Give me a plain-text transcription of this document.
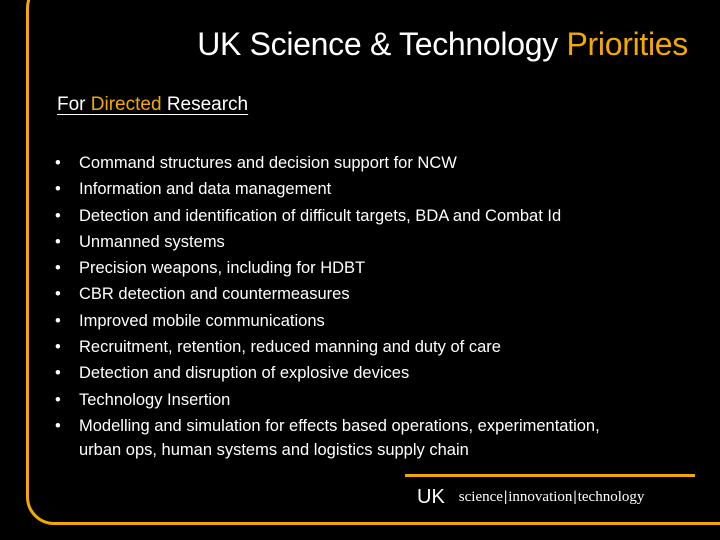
UK Science & Technology Priorities
For Directed Research
• Command structures and decision support for NCW
• Information and data management
• Detection and identification of difficult targets, BDA and Combat Id
• Unmanned systems
• Precision weapons, including for HDBT
• CBR detection and countermeasures
• Improved mobile communications
• Recruitment, retention, reduced manning and duty of care
• Detection and disruption of explosive devices
• Technology Insertion
• Modelling and simulation for effects based operations, experimentation,
urban ops, human systems and logistics supply chain
UK science|innovation|technology
